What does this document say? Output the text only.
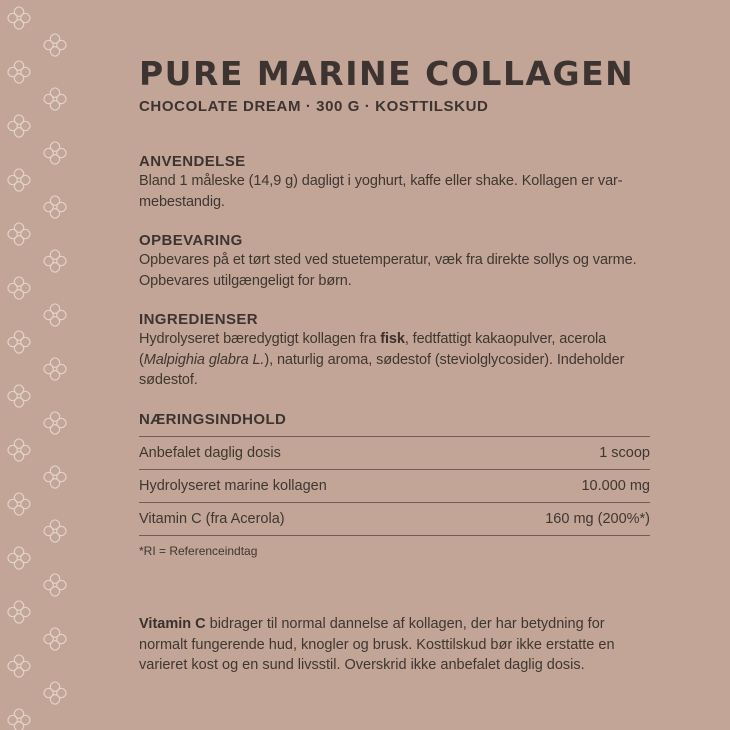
PURE MARINE COLLAGEN
CHOCOLATE DREAM · 300 G · KOSTTILSKUD
ANVENDELSE

Bland 1 måleske (14,9 g) dagligt i yoghurt, kaffe eller shake. Kollagen er varmebestandig.

OPBEVARING

Opbevares på et tørt sted ved stuetemperatur, væk fra direkte sollys og varme. Opbevares utilgængeligt for børn.

INGREDIENSER

Hydrolyseret bæredygtigt kollagen fra fisk, fedtfattigt kakaopulver, acerola (Malpighia glabra L.), naturlig aroma, sødestof (steviolglycosider). Indeholder sødestof.

NÆRINGSINDHOLD
Anbefalet daglig dosis	1 scoop
Hydrolyseret marine kollagen	10.000 mg
Vitamin C (fra Acerola)	160 mg (200%*)
*RI = Referenceindtag

Vitamin C bidrager til normal dannelse af kollagen, der har betydning for normalt fungerende hud, knogler og brusk. Kosttilskud bør ikke erstatte en varieret kost og en sund livsstil. Overskrid ikke anbefalet daglig dosis.
